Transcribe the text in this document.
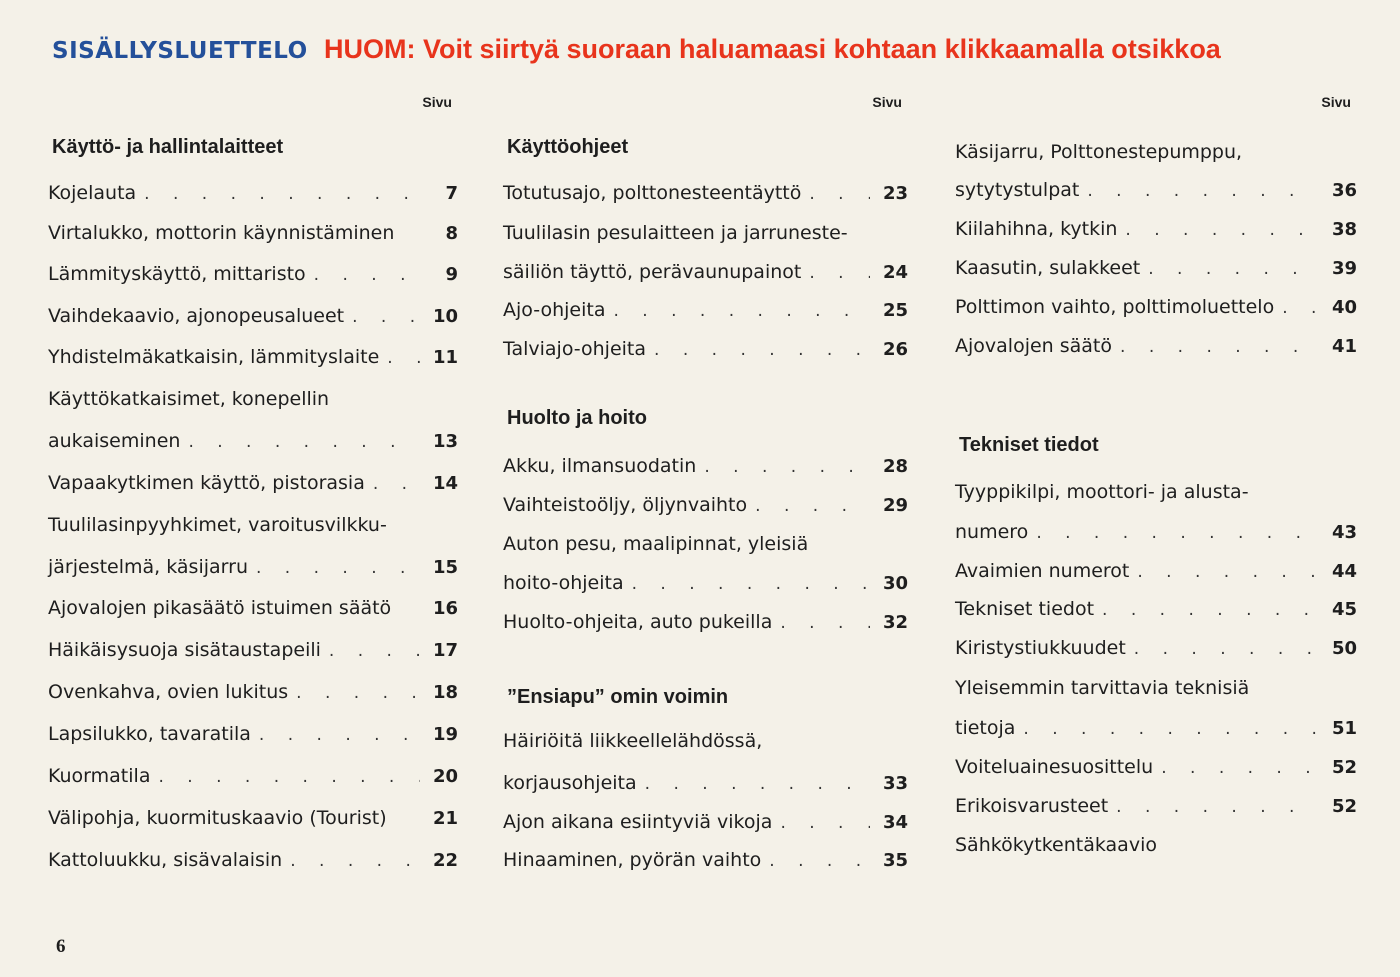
SISÄLLYSLUETTELO HUOM: Voit siirtyä suoraan haluamaasi kohtaan klikkaamalla otsikkoa
Sivu
Käyttö- ja hallintalaitteet
Kojelauta . . .	7
Virtalukko, mottorin käynnistäminen	8
Lämmityskäyttö, mittaristo . . .	9
Vaihdekaavio, ajonopeusalueet . . .	10
Yhdistelmäkatkaisin, lämmityslaite . . .	11
Käyttökatkaisimet, konepellin
aukaiseminen . . .	13
Vapaakytkimen käyttö, pistorasia . . .	14
Tuulilasinpyyhkimet, varoitusvilkku-
järjestelmä, käsijarru . . .	15
Ajovalojen pikasäätö istuimen säätö 16
Häikäisysuoja sisätaustapeili . . .	17
Ovenkahva, ovien lukitus . . .	18
Lapsilukko, tavaratila . . .	19
Kuormatila . . .	20
Välipohja, kuormituskaavio (Tourist)	21
Kattoluukku, sisävalaisin . . .	22
Sivu
Käyttöohjeet
Totutusajo, polttonesteentäyttö . . .	23
Tuulilasin pesulaitteen ja jarruneste-
säiliön täyttö, perävaunupainot . . .	24
Ajo-ohjeita . . .	25
Talviajo-ohjeita . . .	26
Huolto ja hoito
Akku, ilmansuodatin . . .	28
Vaihteistoöljy, öljynvaihto . . .	29
Auton pesu, maalipinnat, yleisiä
hoito-ohjeita . . .	30
Huolto-ohjeita, auto pukeilla . . .	32
”Ensiapu” omin voimin
Häiriöitä liikkeellelähdössä,
korjausohjeita . . .	33
Ajon aikana esiintyviä vikoja . . .	34
Hinaaminen, pyörän vaihto . . .	35
Sivu
Käsijarru, Polttonestepumppu,
sytytystulpat . . .	36
Kiilahihna, kytkin . . .	38
Kaasutin, sulakkeet . . .	39
Polttimon vaihto, polttimoluettelo . . .	40
Ajovalojen säätö . . .	41
Tekniset tiedot
Tyyppikilpi, moottori- ja alusta-
numero . . .	43
Avaimien numerot . . .	44
Tekniset tiedot . . .	45
Kiristystiukkuudet . . .	50
Yleisemmin tarvittavia teknisiä
tietoja . . .	51
Voiteluainesuosittelu . . .	52
Erikoisvarusteet . . .	52
Sähkökytkentäkaavio
6
